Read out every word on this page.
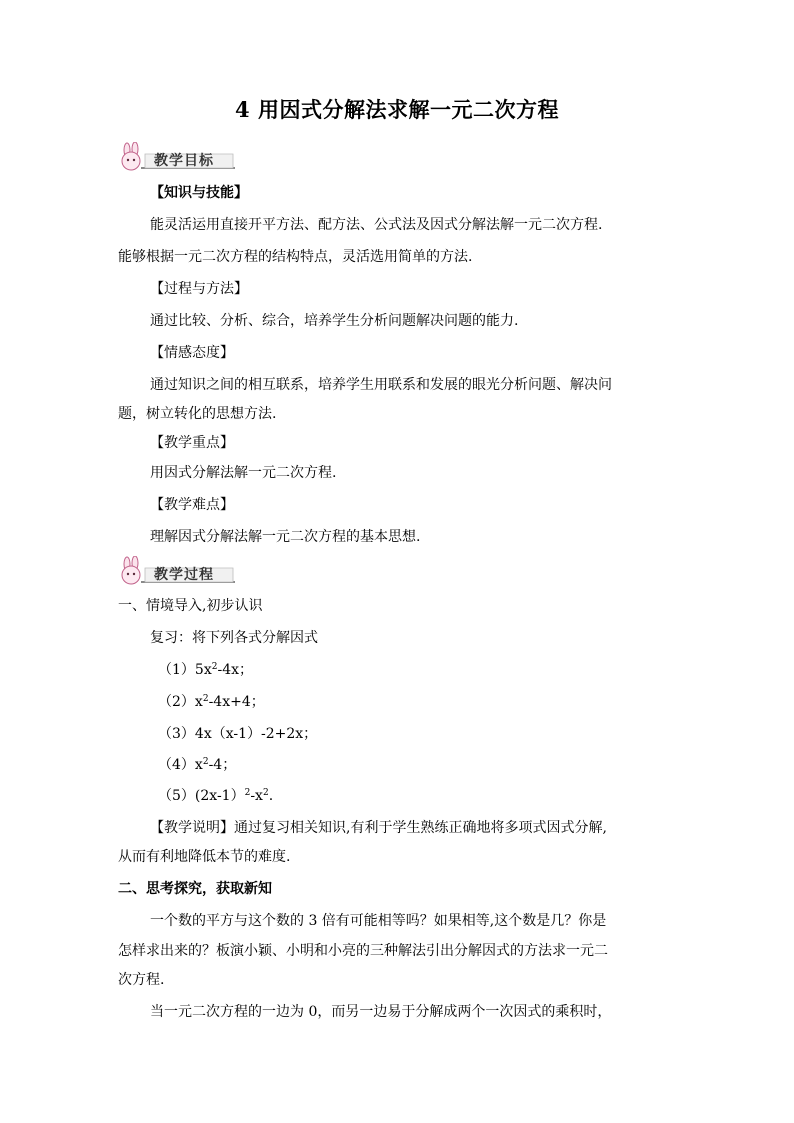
4 用因式分解法求解一元二次方程
教学目标
【知识与技能】
能灵活运用直接开平方法、配方法、公式法及因式分解法解一元二次方程.
能够根据一元二次方程的结构特点，灵活选用简单的方法.
【过程与方法】
通过比较、分析、综合，培养学生分析问题解决问题的能力.
【情感态度】
通过知识之间的相互联系，培养学生用联系和发展的眼光分析问题、解决问
题，树立转化的思想方法.
【教学重点】
用因式分解法解一元二次方程.
【教学难点】
理解因式分解法解一元二次方程的基本思想.
教学过程
一、情境导入,初步认识
复习：将下列各式分解因式
$(1)5x^2-4x$；
$(2)x^2-4x+4$；
（3）4x（x-1）-2+2x；
$(4)x^2-4$；
$(5)(2x-1)^2-x^2$.
【教学说明】通过复习相关知识,有利于学生熟练正确地将多项式因式分解,
从而有利地降低本节的难度.
二、思考探究，获取新知
一个数的平方与这个数的 3 倍有可能相等吗？如果相等,这个数是几？你是
怎样求出来的？板演小颖、小明和小亮的三种解法引出分解因式的方法求一元二
次方程.
当一元二次方程的一边为 0，而另一边易于分解成两个一次因式的乘积时，
